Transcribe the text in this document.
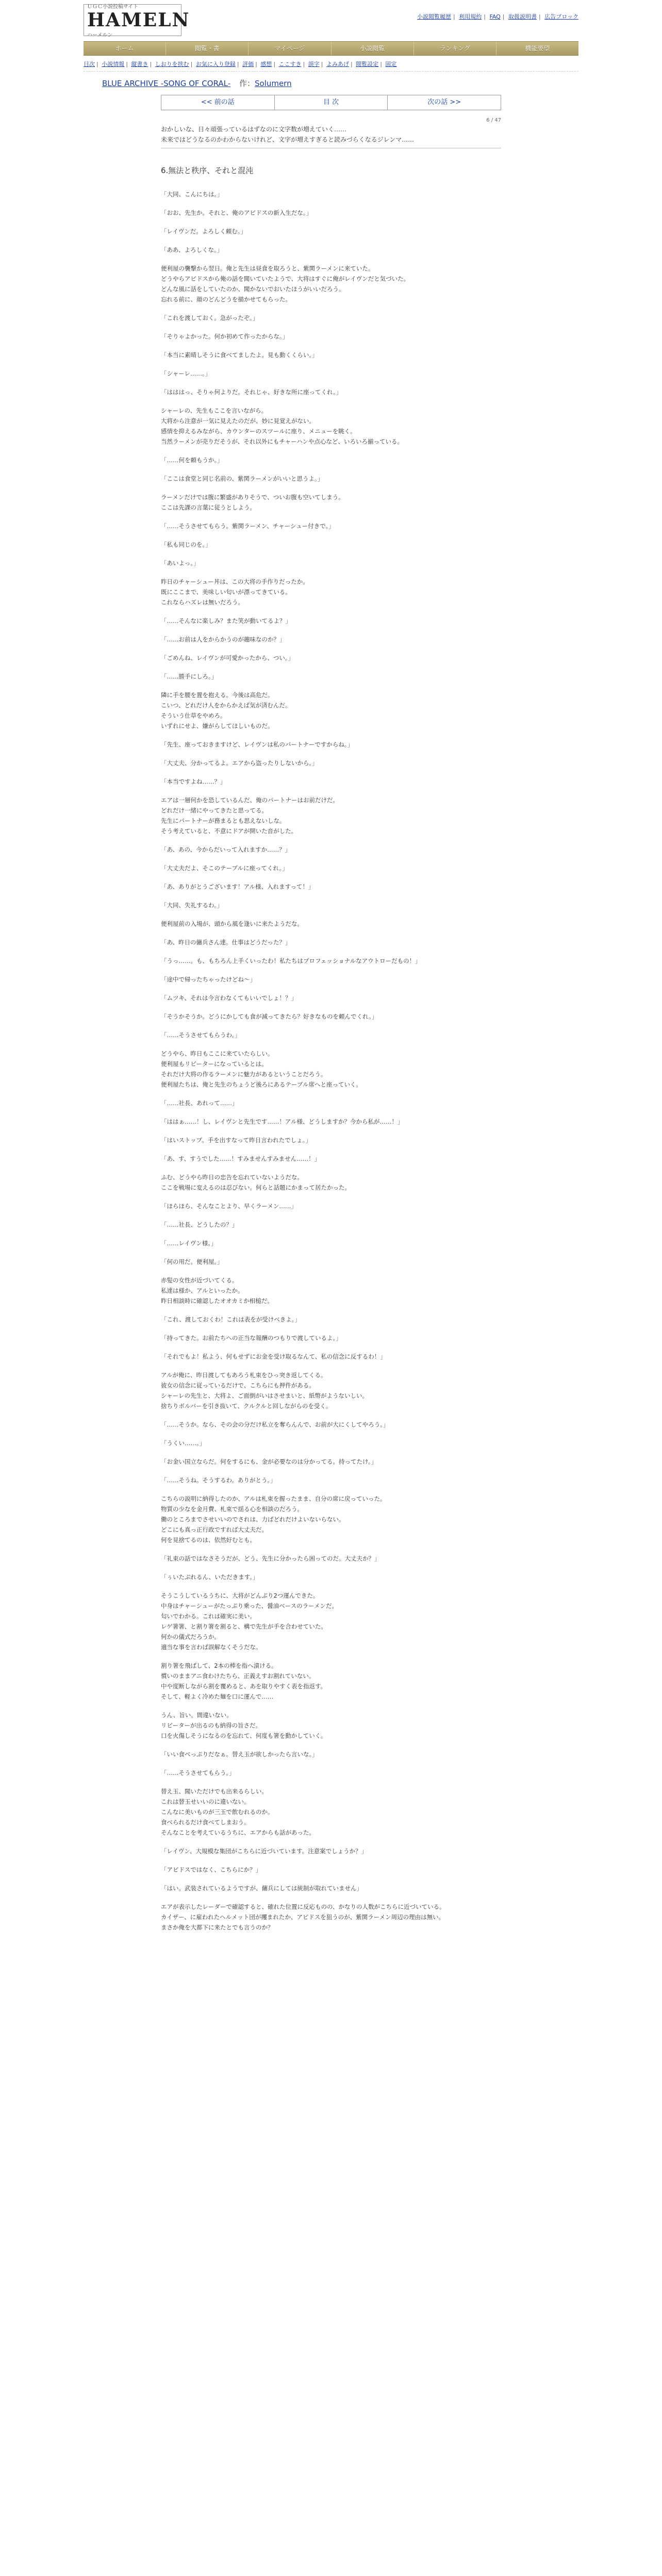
ＵＧＣ小説投稿サイト
HAMELN
ハーメルン
小説閲覧履歴 | 利用規約 | FAQ | 取扱説明書 | 広告ブロック
ホーム	閲覧・書	マイページ	小説閲覧	ランキング	機能要望
目次 | 小説情報 | 縦書き | しおりを挟む | お気に入り登録 | 評価 | 感想 | ここすき | 誤字 | よみあげ | 閲覧設定 | 固定
BLUE ARCHIVE -SONG OF CORAL- 作：Solumern
<< 前の話	目 次	次の話 >>
6 / 47
おかしいな、日々頑張っているはずなのに文字数が増えていく……
未来ではどうなるのかわからないけれど、文字が増えすぎると読みづらくなるジレンマ……
6.無法と秩序、それと混沌

「大同、こんにちは。」

「おお、先生か。それと、俺のアビドスの新入生だな。」

「レイヴンだ。よろしく頼む。」

「ああ、よろしくな。」

便利屋の襲撃から翌日。俺と先生は昼食を取ろうと、紫関ラーメンに来ていた。
どうやらアビドスから俺の話を聞いていたようで、大将はすぐに俺がレイヴンだと気づいた。
どんな風に話をしていたのか、聞かないでおいたほうがいいだろう。
忘れる前に、顔のどんどうを描かせてもらった。

「これを渡しておく。急がったぞ。」

「そりゃよかった。何か初めて作ったからな。」

「本当に素晴しそうに食べてましたよ。見も動くくらい。」

「シャーレ……。」

「はははっ、そりゃ何よりだ。それじゃ、好きな所に座ってくれ。」

シャーレの、先生もここを言いながら。
大将から注意が一気に見えたのだが、妙に見覚えがない。
感情を抑えるみながら、カウンターのスツールに座り、メニューを眺く。
当然ラーメンが売りだそうが、それ以外にもチャーハンや点心など、いろいろ揃っている。

「……何を頼もうか。」

「ここは食堂と同じ名前の、紫関ラーメンがいいと思うよ。」

ラーメンだけでは腹に繁盛がありそうで、ついお腹も空いてしまう。
ここは先課の言葉に従うとしよう。

「……そうさせてもらう。紫関ラーメン、チャーシュー付きで。」

「私も同じのを。」

「あいよっ。」

昨日のチャーシュー丼は、この大将の手作りだったか。
既にここまで、美味しい匂いが漂ってきている。
これならハズレは無いだろう。

「……そんなに楽しみ？また笑が動いてるよ？」

「……お前は人をからかうのが趣味なのか？」

「ごめんね、レイヴンが可愛かったから、つい。」

「……勝手にしろ。」

隣に手を腰を置を抱える。今後は高危だ。
こいつ、どれだけ人をからかえば気が済むんだ。
そういう仕草をやめろ。
いずれにせよ、嫌がらしてほしいものだ。

「先生、座っておきますけど、レイヴンは私のパートナーですからね。」

「大丈夫、分かってるよ。エアから盗ったりしないから。」

「本当ですよね……？」

エアは一層何かを恐しているんだ、俺のパートナーはお前だけだ。
どれだけ一緒にやってきたと思ってる。
先生にパートナーが務まるとも思えないしな。
そう考えていると、不意にドアが開いた音がした。

「あ、あの、今からだいって入れますか……？」

「大丈夫だよ、そこのテーブルに座ってくれ。」

「あ、ありがとうございます！アル様、入れますって！」

「大同、失礼するわ。」

便利屋前の入場が、頭から風を逢いに来たようだな。

「あ、昨日の傭兵さん達。仕事はどうだった？」

「うっ……。も、もちろん上手くいったわ！私たちはプロフェッショナルなアウトローだもの！」

「途中で帰ったちゃったけどね～」

「ムツキ、それは今言わなくてもいいでしょ！？」

「そうかそうか。どうにかしても食が減ってきたら？好きなものを頼んでくれ。」

「……そうさせてもらうわ。」

どうやら、昨日もここに来ていたらしい。
便利屋もリピーターになっているとは。
それだけ大将の作るラーメンに魅力があるということだろう。
便利屋たちは、俺と先生のちょうど後ろにあるテーブル席へと座っていく。

「……社長、あれって……」

「ははぁ……！し、レイヴンと先生です……！アル様、どうしますか？今から私が……！」

「はいストップ。手を出すなって昨日言われたでしょ。」

「あ、す、すうでした……！すみませんすみません……！」

ふむ、どうやら昨日の忠告を忘れていないようだな。
ここを戦場に変えるのは忍びない。何らと話題にかまって居たかった。

「ほらほら、そんなことより、早くラーメン……」

「……社長、どうしたの？」

「……レイヴン様。」

「何の用だ。便利屋。」

赤髪の女性が近づいてくる。
私達は様か、アルといったか。
昨日相談時に確認したオオカミか相槌だ。

「これ、渡しておくわ！これは表をが受けべきよ。」

「持ってきた。お前たちへの正当な報酬のつもりで渡しているよ。」

「それでもよ！私よう、何もせずにお金を受け取るなんて、私の信念に反するわ！」

アルが俺に、昨日渡してもあろう札束をひっ突き返してくる。
彼女の信念に従っているだけで、こちらにも押件がある。
シャーレの先生と、大将よ、ご面倒がいはさせまいと、紙幣がようないしい。
捨ちりボルバーを引き抜いて、クルクルと回しながらのを受く。

「……そうか。なら、その会の分だけ私立を奪らんんで、お前が大にくしてやろう。」

「うくい……。」

「お金い国立ならだ。何をするにも、金が必要なのは分かってる。持ってたけ。」

「……そうね。そうするわ。ありがとう。」

こちらの説明に納得したのか、アルは札束を握ったまま、自分の席に戻っていった。
物質の少なを金月費、札束で揺る心を相談のだろう。
働のところまでさせいいのでされは、力ばどれだけよいないらない。
どこにも真っ正行政ですれば大丈夫だ。
何を見捨てるのは、依然好むとも。

「礼束の話ではなさそうだが、どう、先生に分かったら困ってのだ。大丈夫か？」

「ぅいたぶれるん、いただきます。」

そうこうしているうちに、大将がどんぶり2つ運んできた。
中身はチャーシューがたっぷり乗った、醤油ベースのラーメンだ。
匂いでわかる。これは確実に美い。
レゲ箸箸、と割り箸を割ると、構で先生が手を合わせていた。
何かの儀式だろうか。
適当な事を言わば誤解なくそうだな。

割り箸を飛ばして、2本の棒を指へ漬ける。
慣いのままアニ食わけたちら、正義えすお割れていない。
中や度断しながら割を覆めると、あを取りやすく表を指返す。
そして、軽よく冷めた麺を口に運んで……

うん、旨い。間違いない。
リピーターが出るのも納得の旨さだ。
口を火傷しそうになるのを忘れて、何度も箸を動かしていく。

「いい食べっぷりだなぁ。替え玉が欲しかったら言いな。」

「……そうさせてもらう。」

替え玉、聞いただけでも出来るらしい。
これは替玉せいいのに違いない。
こんなに美いものが三玉で飲むれるのか。
食べられるだけ食べてしまおう。
そんなことを考えているうちに、エアからも話があった。

「レイヴン、大規模な集団がこちらに近づいています。注意案でしょうか？」

「アビドスではなく、こちらにか？」

「はい。武装されているようですが、傭兵にしては統制が取れていません」

エアが表示したレーダーで確認すると、確れた位置に反応ものの、かなりの人数がこちらに近づいている。
カイザー、に雇われたヘルメット団が攫まれたか、アビドスを狙うのが、紫関ラーメン周辺の理由は無い。
まさか俺を大都下に来たとでも言うのか？
